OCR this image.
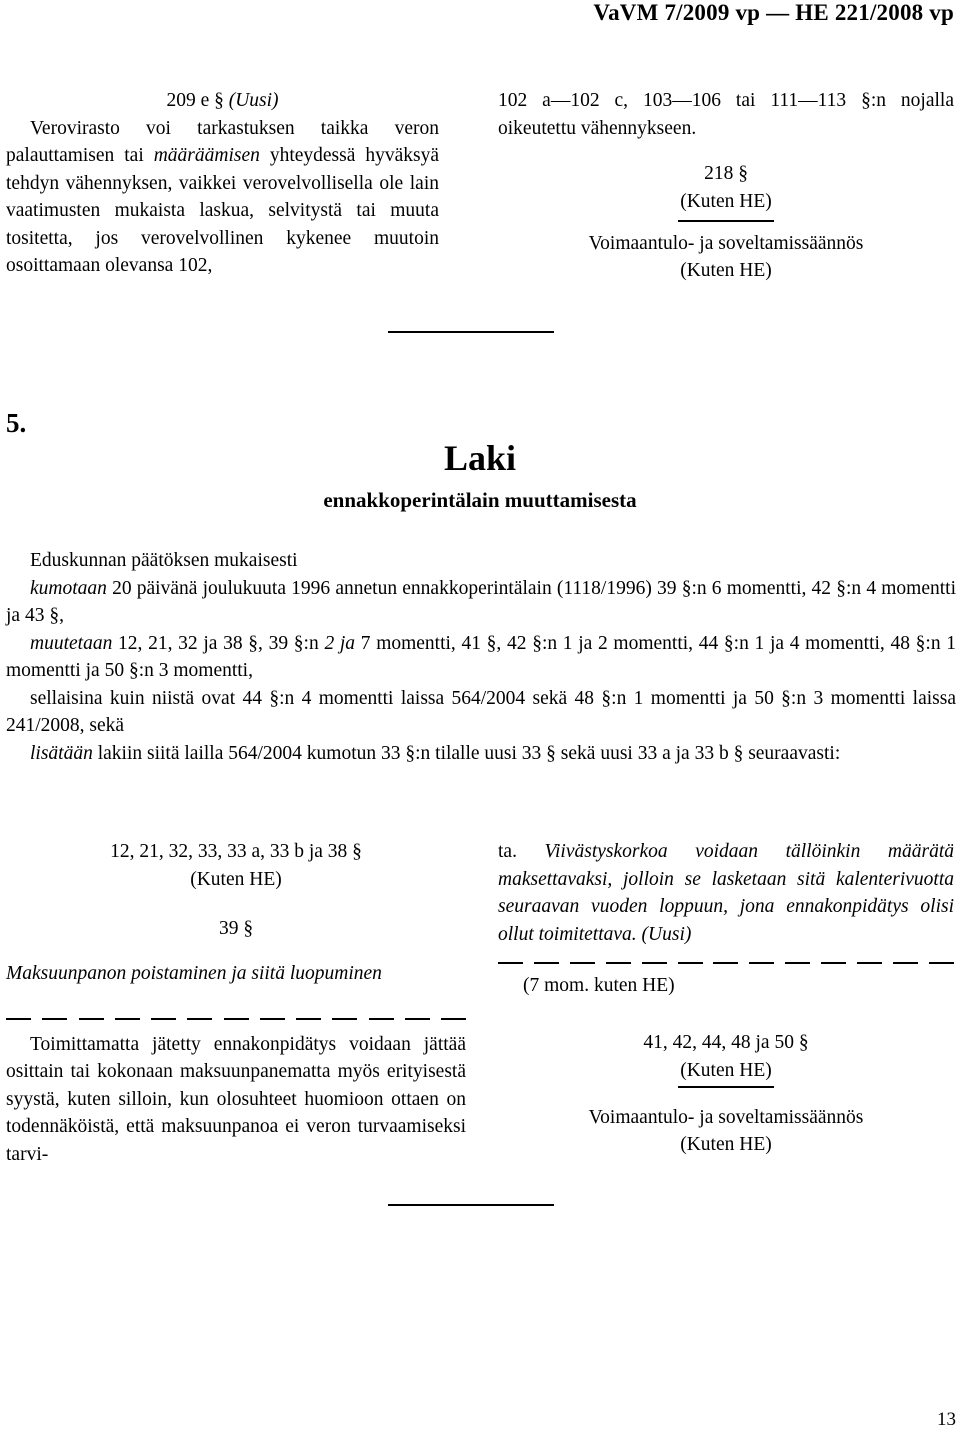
VaVM 7/2009 vp ― HE 221/2008 vp
209 e § (Uusi)
Verovirasto voi tarkastuksen taikka veron palauttamisen tai määräämisen yhteydessä hyväksyä tehdyn vähennyksen, vaikkei verovelvollisella ole lain vaatimusten mukaista laskua, selvitystä tai muuta tositetta, jos verovelvollinen kykenee muutoin osoittamaan olevansa 102,
102 a—102 c, 103—106 tai 111—113 §:n nojalla oikeutettu vähennykseen.
218 §
(Kuten HE)
Voimaantulo- ja soveltamissäännös
(Kuten HE)
5.
Laki
ennakkoperintälain muuttamisesta

Eduskunnan päätöksen mukaisesti

kumotaan 20 päivänä joulukuuta 1996 annetun ennakkoperintälain (1118/1996) 39 §:n 6 momentti, 42 §:n 4 momentti ja 43 §,

muutetaan 12, 21, 32 ja 38 §, 39 §:n 2 ja 7 momentti, 41 §, 42 §:n 1 ja 2 momentti, 44 §:n 1 ja 4 momentti, 48 §:n 1 momentti ja 50 §:n 3 momentti,

sellaisina kuin niistä ovat 44 §:n 4 momentti laissa 564/2004 sekä 48 §:n 1 momentti ja 50 §:n 3 momentti laissa 241/2008, sekä

lisätään lakiin siitä lailla 564/2004 kumotun 33 §:n tilalle uusi 33 § sekä uusi 33 a ja 33 b § seuraavasti:

12, 21, 32, 33, 33 a, 33 b ja 38 §
(Kuten HE)
39 §
Maksuunpanon poistaminen ja siitä luopuminen
Toimittamatta jätetty ennakonpidätys voidaan jättää osittain tai kokonaan maksuunpanematta myös erityisestä syystä, kuten silloin, kun olosuhteet huomioon ottaen on todennäköistä, että maksuunpanoa ei veron turvaamiseksi tarvi-
ta. Viivästyskorkoa voidaan tällöinkin määrätä maksettavaksi, jolloin se lasketaan sitä kalenterivuotta seuraavan vuoden loppuun, jona ennakonpidätys olisi ollut toimitettava. (Uusi)
(7 mom. kuten HE)
41, 42, 44, 48 ja 50 §
(Kuten HE)
Voimaantulo- ja soveltamissäännös
(Kuten HE)
13
